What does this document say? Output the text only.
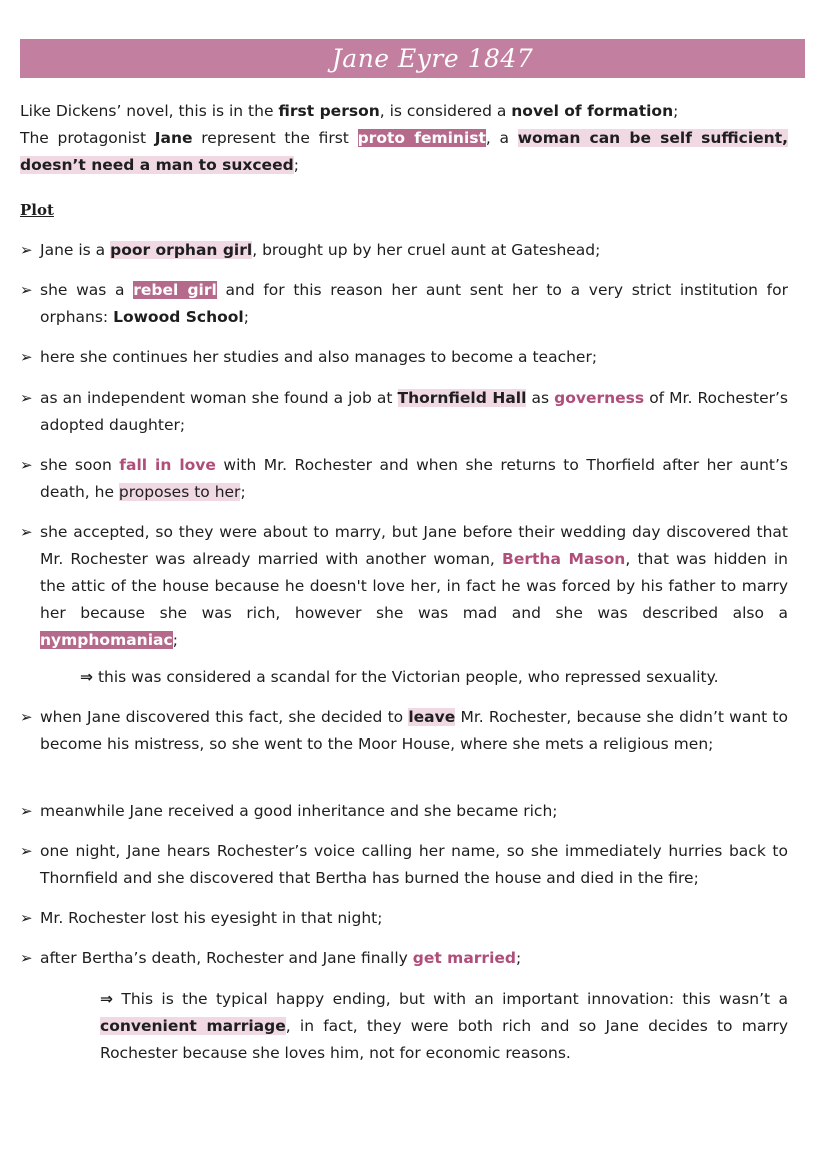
Jane Eyre 1847
Like Dickens’ novel, this is in the first person, is considered a novel of formation;
The protagonist Jane represent the first proto feminist, a woman can be self sufficient, doesn’t need a man to suxceed;
Plot
➢ Jane is a poor orphan girl, brought up by her cruel aunt at Gateshead;
➢ she was a rebel girl and for this reason her aunt sent her to a very strict institution for orphans: Lowood School;
➢ here she continues her studies and also manages to become a teacher;
➢ as an independent woman she found a job at Thornfield Hall as governess of Mr. Rochester’s adopted daughter;
➢ she soon fall in love with Mr. Rochester and when she returns to Thorfield after her aunt’s death, he proposes to her;
➢ she accepted, so they were about to marry, but Jane before their wedding day discovered that Mr. Rochester was already married with another woman, Bertha Mason, that was hidden in the attic of the house because he doesn't love her, in fact he was forced by his father to marry her because she was rich, however she was mad and she was described also a nymphomaniac;
⇒ this was considered a scandal for the Victorian people, who repressed sexuality.
➢ when Jane discovered this fact, she decided to leave Mr. Rochester, because she didn’t want to become his mistress, so she went to the Moor House, where she mets a religious men;
➢ meanwhile Jane received a good inheritance and she became rich;
➢ one night, Jane hears Rochester’s voice calling her name, so she immediately hurries back to Thornfield and she discovered that Bertha has burned the house and died in the fire;
➢ Mr. Rochester lost his eyesight in that night;
➢ after Bertha’s death, Rochester and Jane finally get married;
⇒ This is the typical happy ending, but with an important innovation: this wasn’t a convenient marriage, in fact, they were both rich and so Jane decides to marry Rochester because she loves him, not for economic reasons.
